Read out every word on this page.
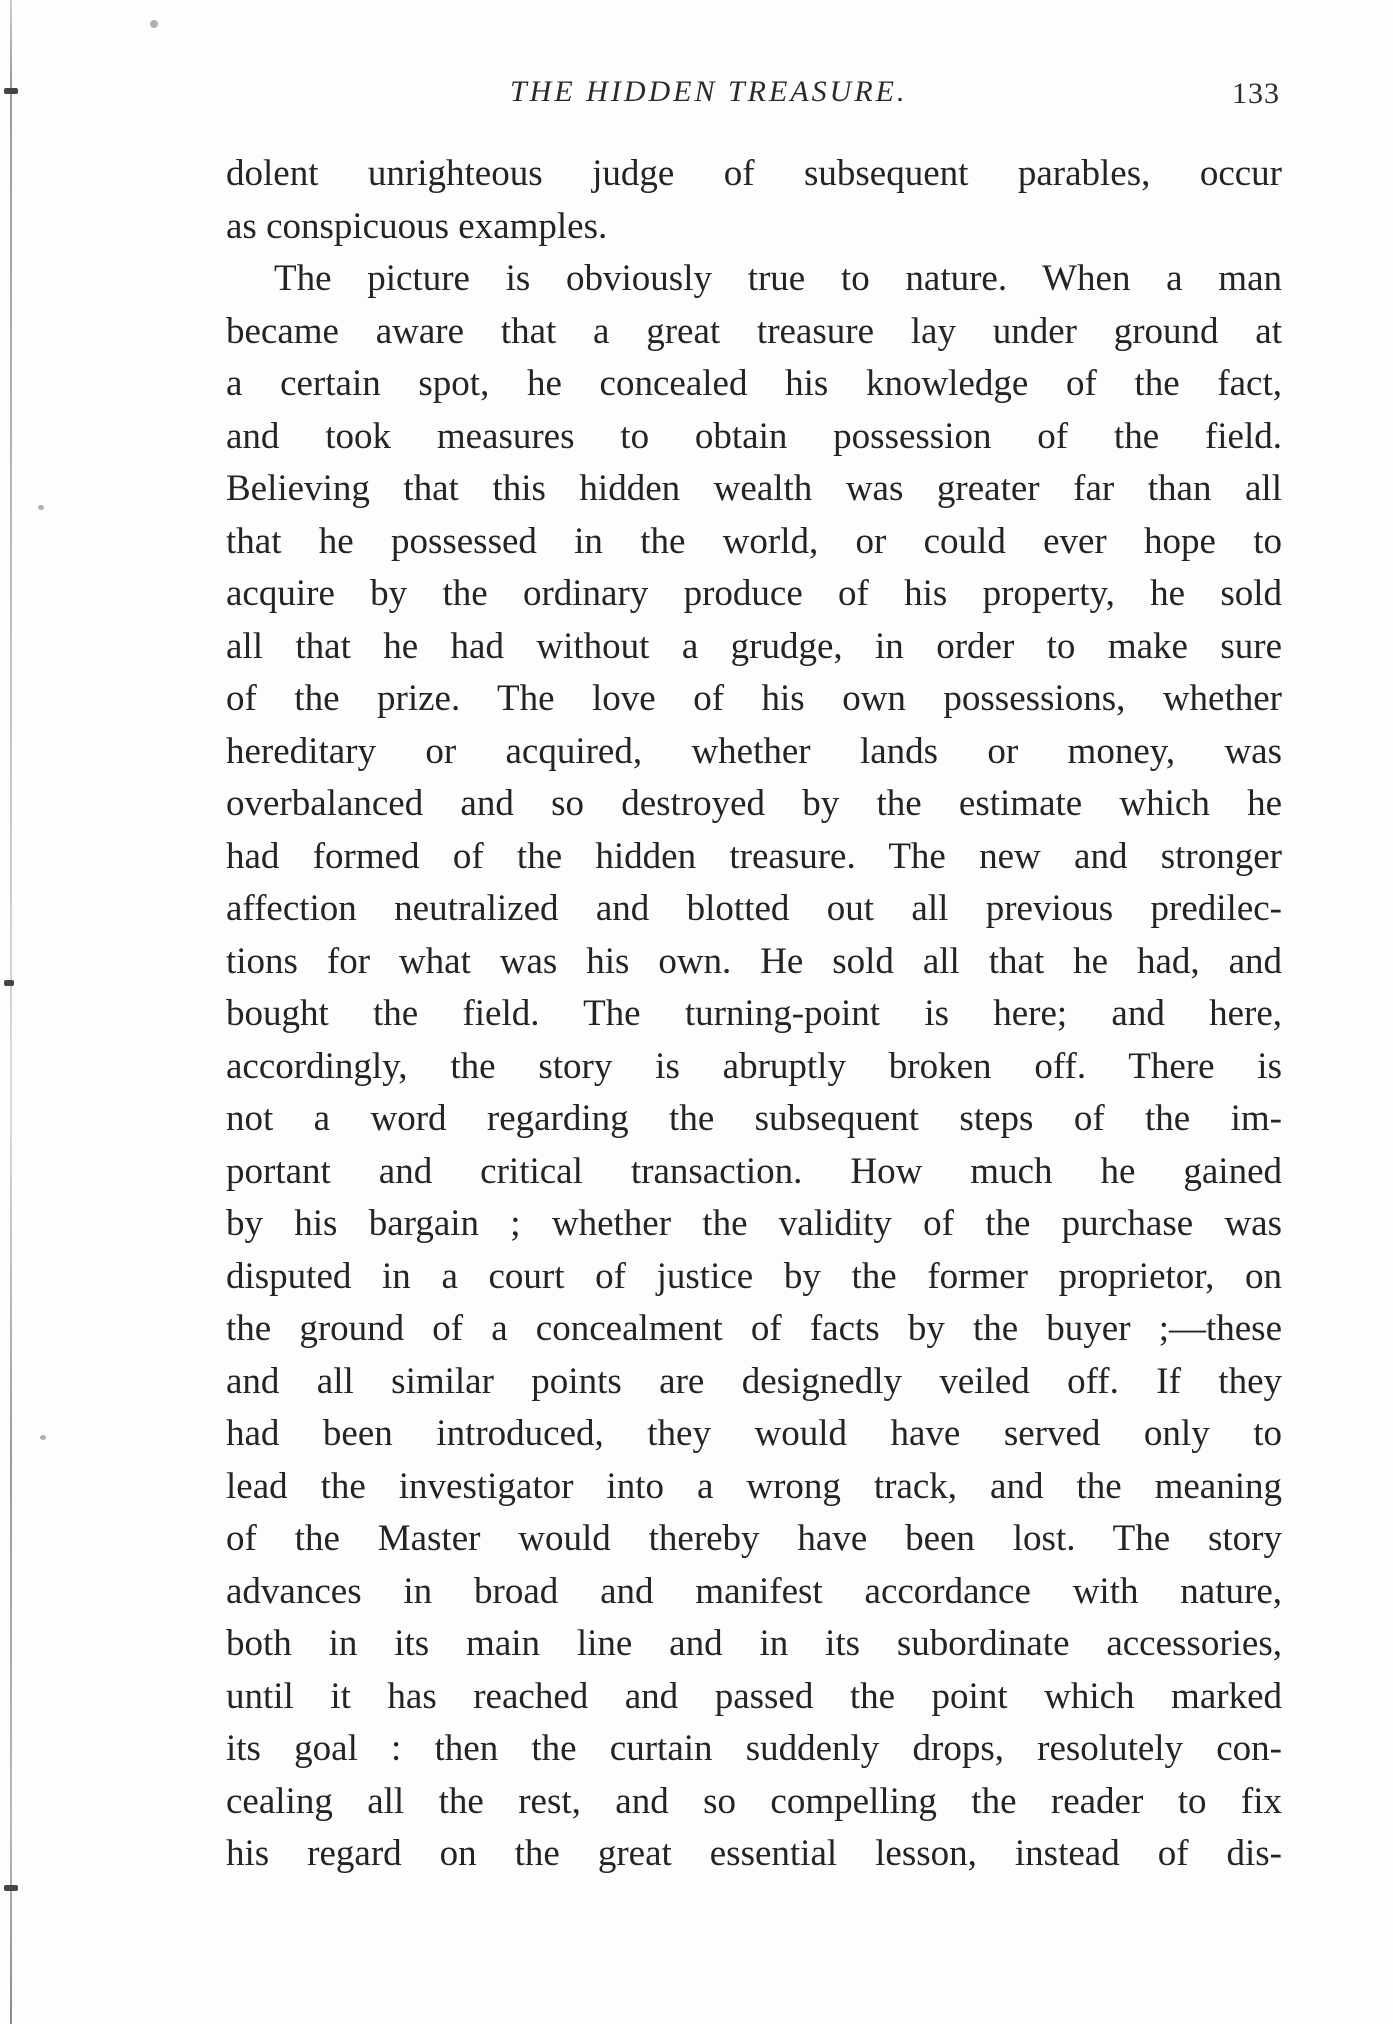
THE HIDDEN TREASURE.	133
dolent unrighteous judge of subsequent parables, occur
as conspicuous examples.
The picture is obviously true to nature. When a man
became aware that a great treasure lay under ground at
a certain spot, he concealed his knowledge of the fact,
and took measures to obtain possession of the field.
Believing that this hidden wealth was greater far than all
that he possessed in the world, or could ever hope to
acquire by the ordinary produce of his property, he sold
all that he had without a grudge, in order to make sure
of the prize. The love of his own possessions, whether
hereditary or acquired, whether lands or money, was
overbalanced and so destroyed by the estimate which he
had formed of the hidden treasure. The new and stronger
affection neutralized and blotted out all previous predilec-
tions for what was his own. He sold all that he had, and
bought the field. The turning-point is here; and here,
accordingly, the story is abruptly broken off. There is
not a word regarding the subsequent steps of the im-
portant and critical transaction. How much he gained
by his bargain ; whether the validity of the purchase was
disputed in a court of justice by the former proprietor, on
the ground of a concealment of facts by the buyer ;—these
and all similar points are designedly veiled off. If they
had been introduced, they would have served only to
lead the investigator into a wrong track, and the meaning
of the Master would thereby have been lost. The story
advances in broad and manifest accordance with nature,
both in its main line and in its subordinate accessories,
until it has reached and passed the point which marked
its goal : then the curtain suddenly drops, resolutely con-
cealing all the rest, and so compelling the reader to fix
his regard on the great essential lesson, instead of dis-
